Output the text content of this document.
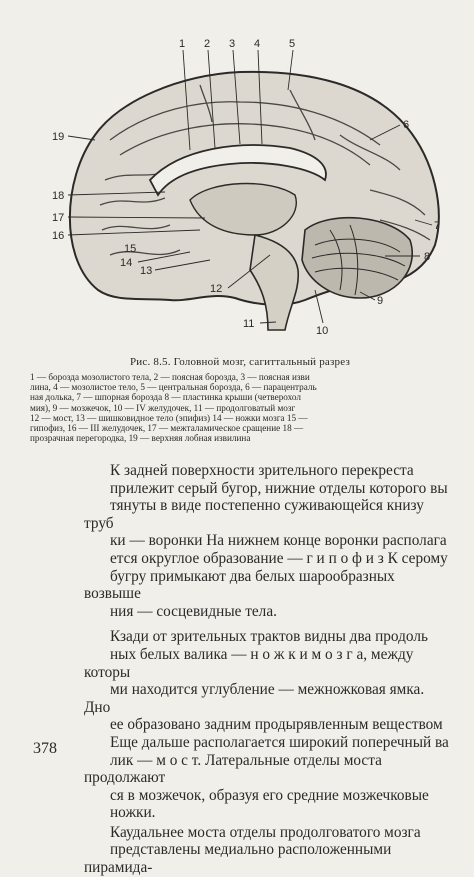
1 2 3 4	5
6
7
8
9
10
11
12
13
14
15
16
17
18
19
Рис. 8.5. Головной мозг, сагиттальный разрез
1 — борозда мозолистого тела, 2 — поясная борозда, 3 — поясная изви
лина, 4 — мозолистое тело, 5 — центральная борозда, 6 — парацентраль
ная долька, 7 — шпорная борозда 8 — пластинка крыши (четверохол
мия), 9 — мозжечок, 10 — IV желудочек, 11 — продолговатый мозг
12 — мост, 13 — шишковидное тело (эпифиз) 14 — ножки мозга 15 —
гипофиз, 16 — III желудочек, 17 — межталамическое сращение 18 —
прозрачная перегородка, 19 — верхняя лобная извилина

К задней поверхности зрительного перекреста
прилежит серый бугор, нижние отделы которого вы
тянуты в виде постепенно суживающейся книзу труб
ки — воронки На нижнем конце воронки располага
ется округлое образование — г и п о ф и з К серому
бугру примыкают два белых шарообразных возвыше
ния — сосцевидные тела.

Кзади от зрительных трактов видны два продоль
ных белых валика — н о ж к и м о з г а, между которы
ми находится углубление — межножковая ямка. Дно
ее образовано задним продырявленным веществом
Еще дальше располагается широкий поперечный ва
лик — м о с т. Латеральные отделы моста продолжают
ся в мозжечок, образуя его средние мозжечковые
ножки.

Каудальнее моста отделы продолговатого мозга
представлены медиально расположенными пирамида-

378
